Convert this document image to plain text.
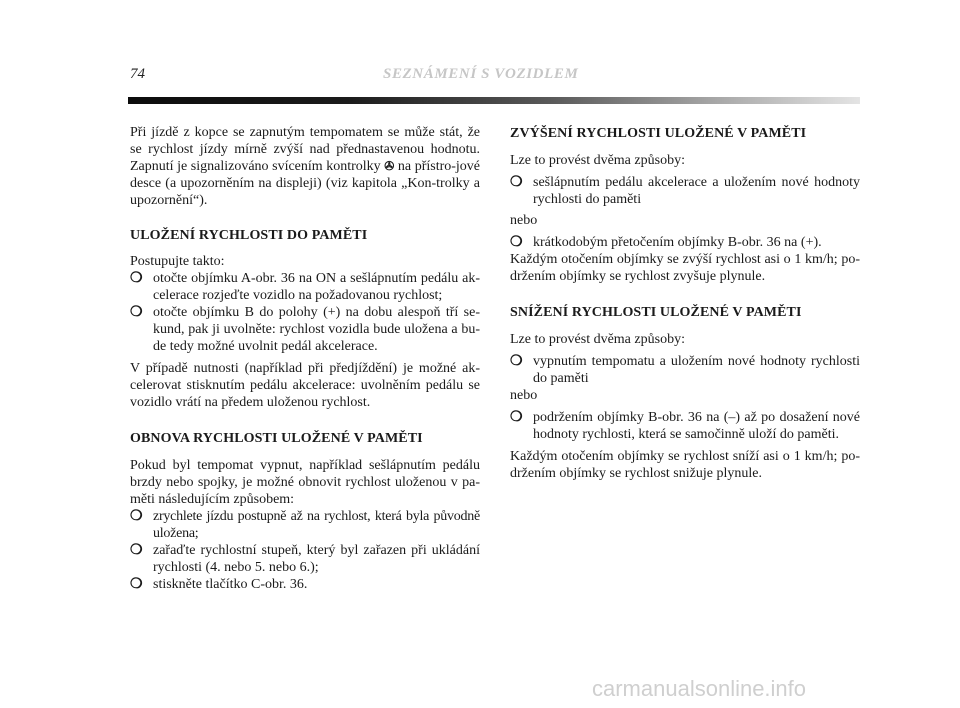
74	SEZNÁMENÍ S VOZIDLEM

Při jízdě z kopce se zapnutým tempomatem se může stát, že se rychlost jízdy mírně zvýší nad přednastavenou hodnotu. Zapnutí je signalizováno svícením kontrolky ✇ na přístro-jové desce (a upozorněním na displeji) (viz kapitola „Kon-trolky a upozornění“).

ULOŽENÍ RYCHLOSTI DO PAMĚTI

Postupujte takto:

❍ otočte objímku A-obr. 36 na ON a sešlápnutím pedálu ak-celerace rozjeďte vozidlo na požadovanou rychlost;
❍ otočte objímku B do polohy (+) na dobu alespoň tří se-kund, pak ji uvolněte: rychlost vozidla bude uložena a bu-de tedy možné uvolnit pedál akcelerace.

V případě nutnosti (například při předjíždění) je možné ak-celerovat stisknutím pedálu akcelerace: uvolněním pedálu se vozidlo vrátí na předem uloženou rychlost.

OBNOVA RYCHLOSTI ULOŽENÉ V PAMĚTI

Pokud byl tempomat vypnut, například sešlápnutím pedálu brzdy nebo spojky, je možné obnovit rychlost uloženou v pa-měti následujícím způsobem:

❍ zrychlete jízdu postupně až na rychlost, která byla původně uložena;
❍ zařaďte rychlostní stupeň, který byl zařazen při ukládání rychlosti (4. nebo 5. nebo 6.);
❍ stiskněte tlačítko C-obr. 36.
ZVÝŠENÍ RYCHLOSTI ULOŽENÉ V PAMĚTI

Lze to provést dvěma způsoby:

❍ sešlápnutím pedálu akcelerace a uložením nové hodnoty rychlosti do paměti

nebo

❍ krátkodobým přetočením objímky B-obr. 36 na (+).

Každým otočením objímky se zvýší rychlost asi o 1 km/h; po-držením objímky se rychlost zvyšuje plynule.

SNÍŽENÍ RYCHLOSTI ULOŽENÉ V PAMĚTI

Lze to provést dvěma způsoby:

❍ vypnutím tempomatu a uložením nové hodnoty rychlosti do paměti

nebo

❍ podržením objímky B-obr. 36 na (–) až po dosažení nové hodnoty rychlosti, která se samočinně uloží do paměti.

Každým otočením objímky se rychlost sníží asi o 1 km/h; po-držením objímky se rychlost snižuje plynule.

carmanualsonline.info
